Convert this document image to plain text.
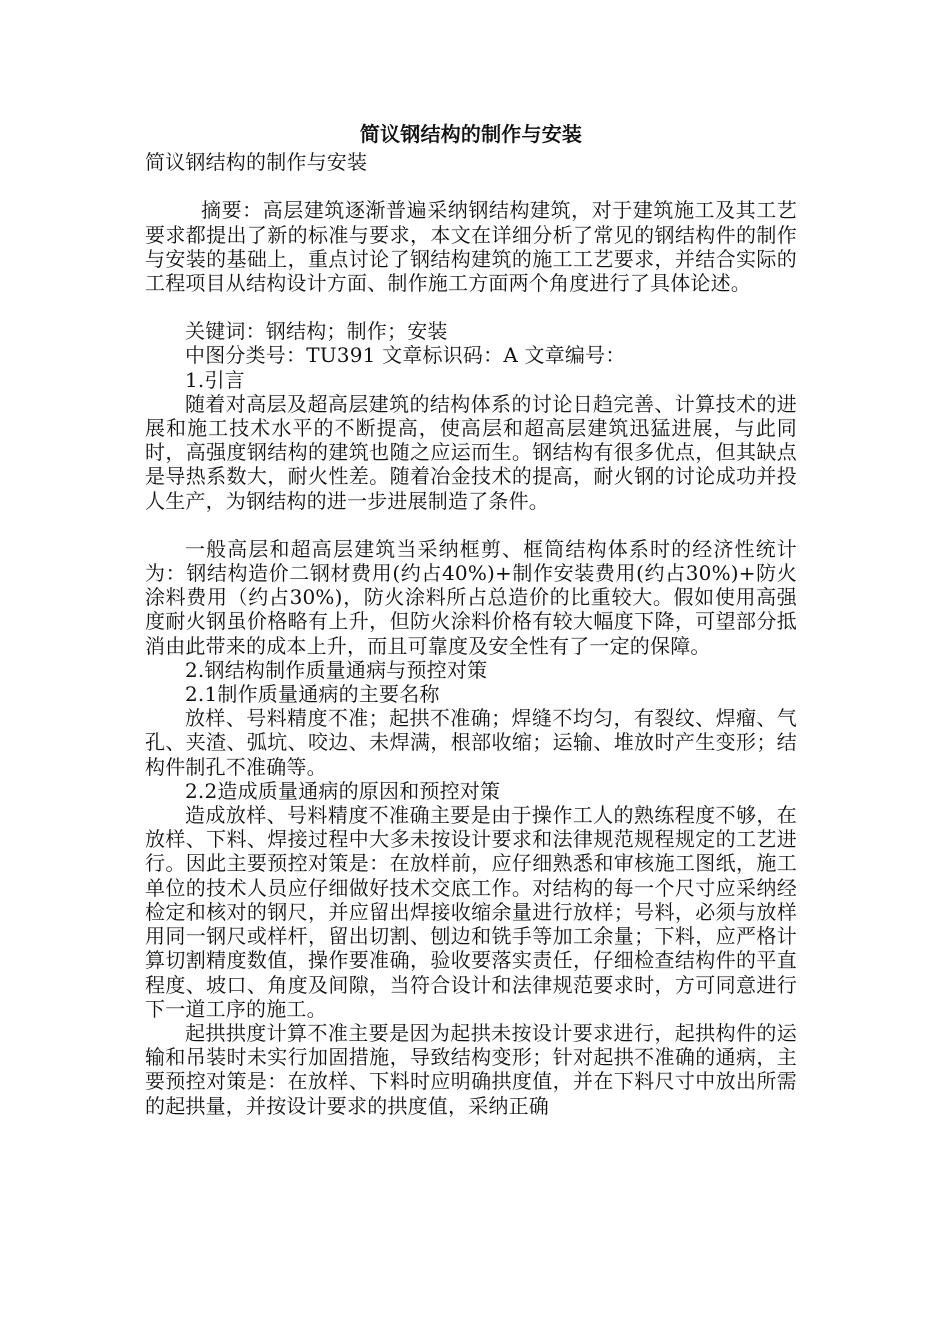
简议钢结构的制作与安装

简议钢结构的制作与安装

摘要：高层建筑逐渐普遍采纳钢结构建筑，对于建筑施工及其工艺要求都提出了新的标准与要求，本文在详细分析了常见的钢结构件的制作与安装的基础上，重点讨论了钢结构建筑的施工工艺要求，并结合实际的工程项目从结构设计方面、制作施工方面两个角度进行了具体论述。

关键词：钢结构；制作；安装

中图分类号：TU391 文章标识码：A 文章编号：

1.引言

随着对高层及超高层建筑的结构体系的讨论日趋完善、计算技术的进展和施工技术水平的不断提高，使高层和超高层建筑迅猛进展，与此同时，高强度钢结构的建筑也随之应运而生。钢结构有很多优点，但其缺点是导热系数大，耐火性差。随着冶金技术的提高，耐火钢的讨论成功并投人生产，为钢结构的进一步进展制造了条件。

一般高层和超高层建筑当采纳框剪、框筒结构体系时的经济性统计为：钢结构造价二钢材费用(约占40%)+制作安装费用(约占30%)+防火涂料费用（约占30%)，防火涂料所占总造价的比重较大。假如使用高强度耐火钢虽价格略有上升，但防火涂料价格有较大幅度下降，可望部分抵消由此带来的成本上升，而且可靠度及安全性有了一定的保障。

2.钢结构制作质量通病与预控对策

2.1制作质量通病的主要名称

放样、号料精度不准；起拱不准确；焊缝不均匀，有裂纹、焊瘤、气孔、夹渣、弧坑、咬边、未焊满，根部收缩；运输、堆放时产生变形；结构件制孔不准确等。

2.2造成质量通病的原因和预控对策

造成放样、号料精度不准确主要是由于操作工人的熟练程度不够，在放样、下料、焊接过程中大多未按设计要求和法律规范规程规定的工艺进行。因此主要预控对策是：在放样前，应仔细熟悉和审核施工图纸，施工单位的技术人员应仔细做好技术交底工作。对结构的每一个尺寸应采纳经检定和核对的钢尺，并应留出焊接收缩余量进行放样；号料，必须与放样用同一钢尺或样杆，留出切割、刨边和铣手等加工余量；下料，应严格计算切割精度数值，操作要准确，验收要落实责任，仔细检查结构件的平直程度、坡口、角度及间隙，当符合设计和法律规范要求时，方可同意进行下一道工序的施工。

起拱拱度计算不准主要是因为起拱未按设计要求进行，起拱构件的运输和吊装时未实行加固措施，导致结构变形；针对起拱不准确的通病，主要预控对策是：在放样、下料时应明确拱度值，并在下料尺寸中放出所需的起拱量，并按设计要求的拱度值，采纳正确
